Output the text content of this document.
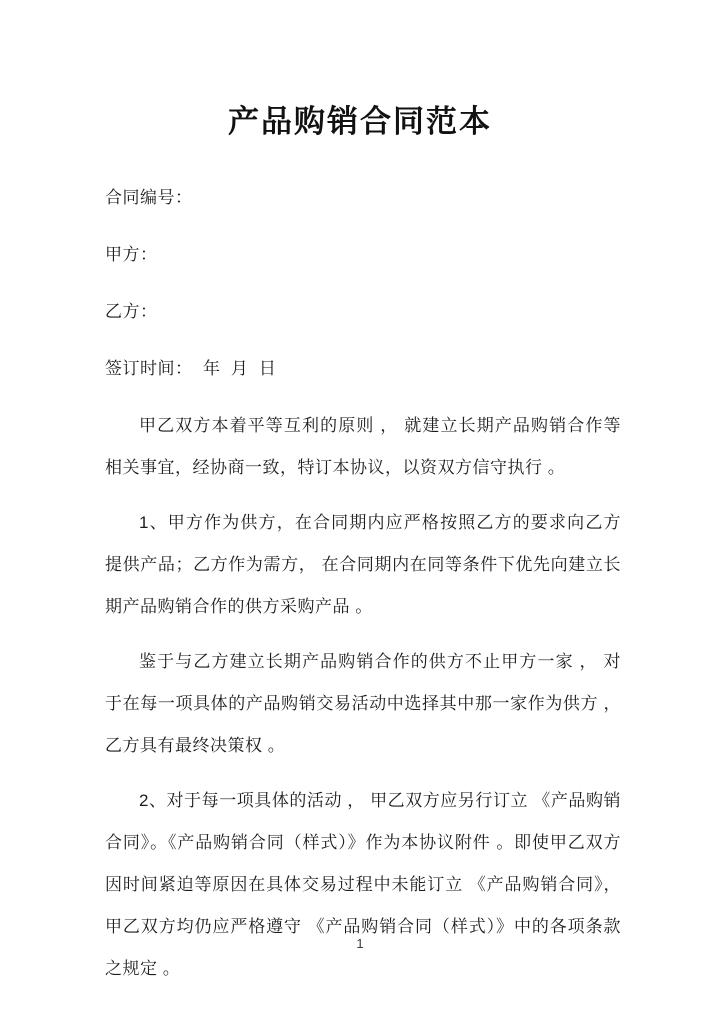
产品购销合同范本

合同编号：

甲方：

乙方：

签订时间：  年  月  日

甲乙双方本着平等互利的原则 ， 就建立长期产品购销合作等相关事宜，经协商一致，特订本协议，以资双方信守执行 。

1、甲方作为供方，在合同期内应严格按照乙方的要求向乙方提供产品；乙方作为需方， 在合同期内在同等条件下优先向建立长期产品购销合作的供方采购产品 。

鉴于与乙方建立长期产品购销合作的供方不止甲方一家 ， 对于在每一项具体的产品购销交易活动中选择其中那一家作为供方 ， 乙方具有最终决策权 。

2、对于每一项具体的活动 ， 甲乙双方应另行订立 《产品购销合同》。《产品购销合同（样式）》作为本协议附件 。即使甲乙双方因时间紧迫等原因在具体交易过程中未能订立 《产品购销合同》，甲乙双方均仍应严格遵守 《产品购销合同（样式）》中的各项条款之规定 。

1
